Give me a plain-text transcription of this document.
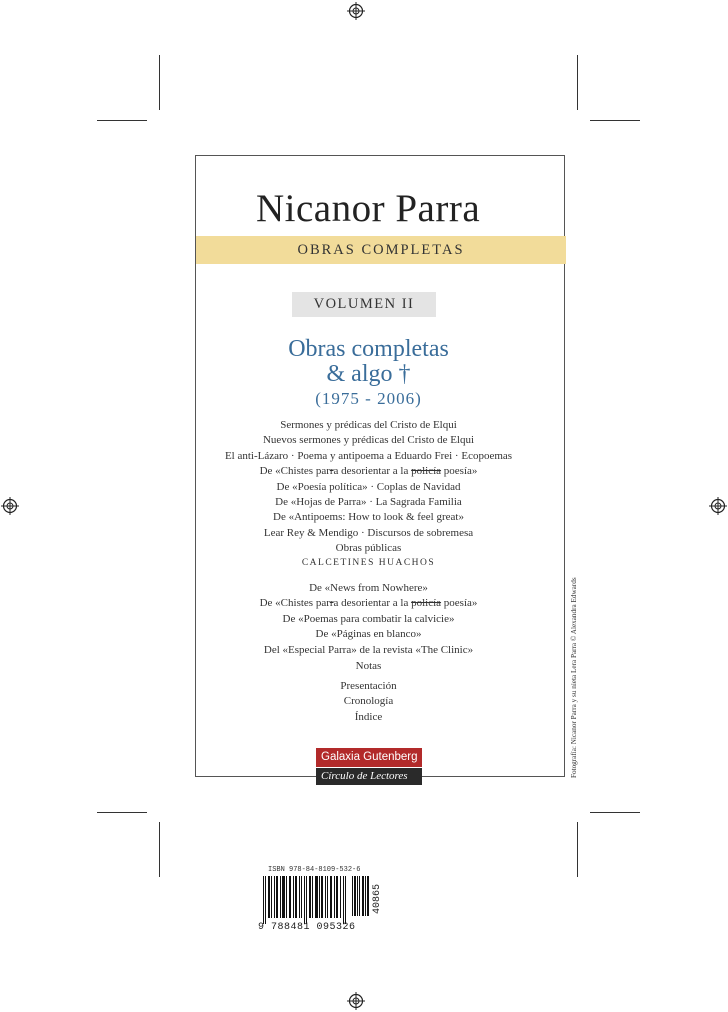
Nicanor Parra
OBRAS COMPLETAS
VOLUMEN II
Obras completas
& algo †
(1975 - 2006)
Sermones y prédicas del Cristo de Elqui
Nuevos sermones y prédicas del Cristo de Elqui
El anti-Lázaro · Poema y antipoema a Eduardo Frei · Ecopoemas
De «Chistes parra desorientar a la policía poesía»
De «Poesía política» · Coplas de Navidad
De «Hojas de Parra» · La Sagrada Familia
De «Antipoems: How to look & feel great»
Lear Rey & Mendigo · Discursos de sobremesa
Obras públicas
CALCETINES HUACHOS
De «News from Nowhere»
De «Chistes parra desorientar a la policía poesía»
De «Poemas para combatir la calvicie»
De «Páginas en blanco»
Del «Especial Parra» de la revista «The Clinic»
Notas
Presentación
Cronología
Índice
Galaxia Gutenberg
Círculo de Lectores	Fotografía: Nicanor Parra y su nieta Lera Parra © Alexandra Edwards
ISBN 978-84-8109-532-6
9 788481 095326
40865
